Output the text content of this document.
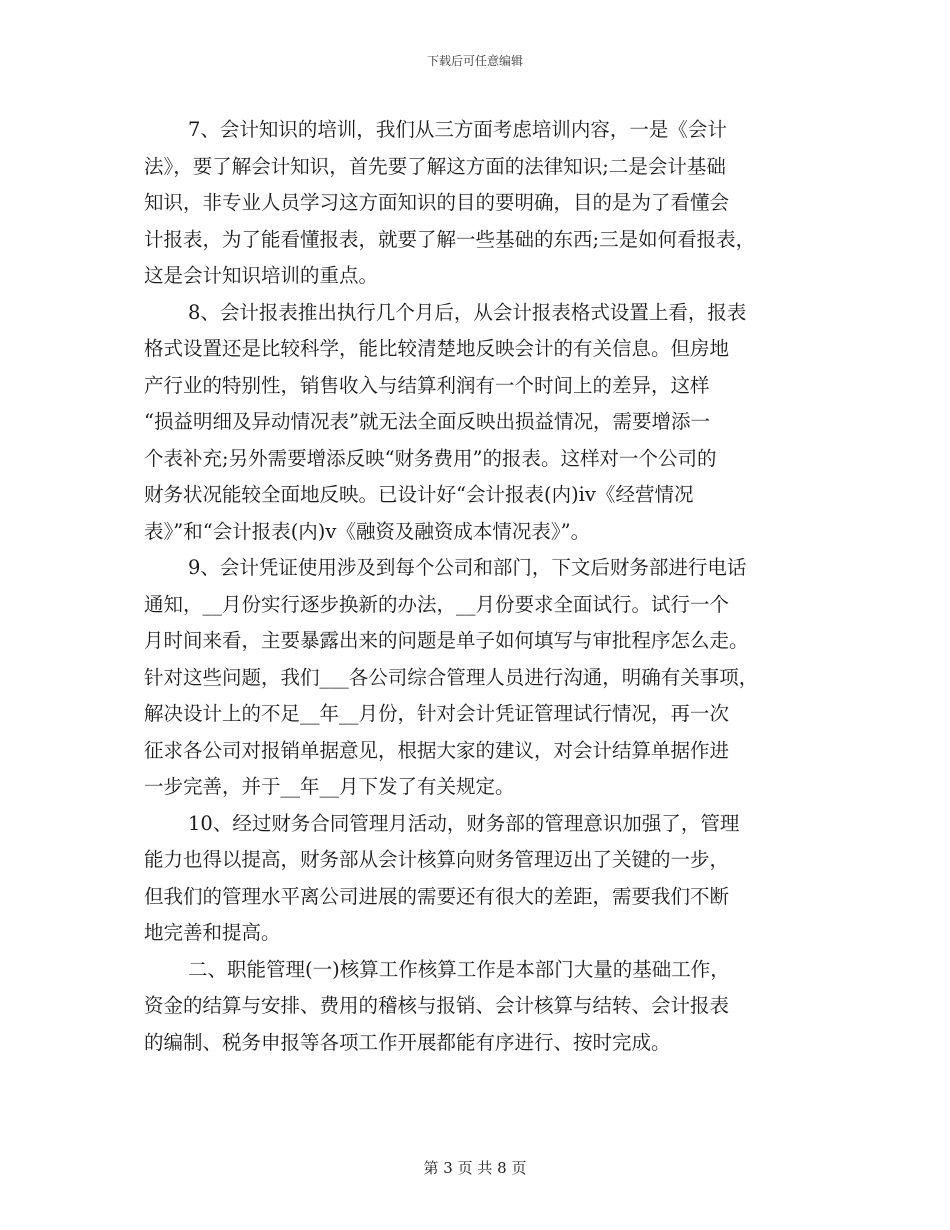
下载后可任意编辑
7、会计知识的培训，我们从三方面考虑培训内容，一是《会计
法》，要了解会计知识，首先要了解这方面的法律知识;二是会计基础
知识，非专业人员学习这方面知识的目的要明确，目的是为了看懂会
计报表，为了能看懂报表，就要了解一些基础的东西;三是如何看报表，
这是会计知识培训的重点。
8、会计报表推出执行几个月后，从会计报表格式设置上看，报表
格式设置还是比较科学，能比较清楚地反映会计的有关信息。但房地
产行业的特别性，销售收入与结算利润有一个时间上的差异，这样
“损益明细及异动情况表”就无法全面反映出损益情况，需要增添一
个表补充;另外需要增添反映“财务费用”的报表。这样对一个公司的
财务状况能较全面地反映。已设计好“会计报表(内)iv《经营情况
表》”和“会计报表(内)v《融资及融资成本情况表》”。
9、会计凭证使用涉及到每个公司和部门，下文后财务部进行电话
通知，__月份实行逐步换新的办法，__月份要求全面试行。试行一个
月时间来看，主要暴露出来的问题是单子如何填写与审批程序怎么走。
针对这些问题，我们___各公司综合管理人员进行沟通，明确有关事项，
解决设计上的不足__年__月份，针对会计凭证管理试行情况，再一次
征求各公司对报销单据意见，根据大家的建议，对会计结算单据作进
一步完善，并于__年__月下发了有关规定。
10、经过财务合同管理月活动，财务部的管理意识加强了，管理
能力也得以提高，财务部从会计核算向财务管理迈出了关键的一步，
但我们的管理水平离公司进展的需要还有很大的差距，需要我们不断
地完善和提高。
二、职能管理(一)核算工作核算工作是本部门大量的基础工作，
资金的结算与安排、费用的稽核与报销、会计核算与结转、会计报表
的编制、税务申报等各项工作开展都能有序进行、按时完成。
第 3 页 共 8 页
